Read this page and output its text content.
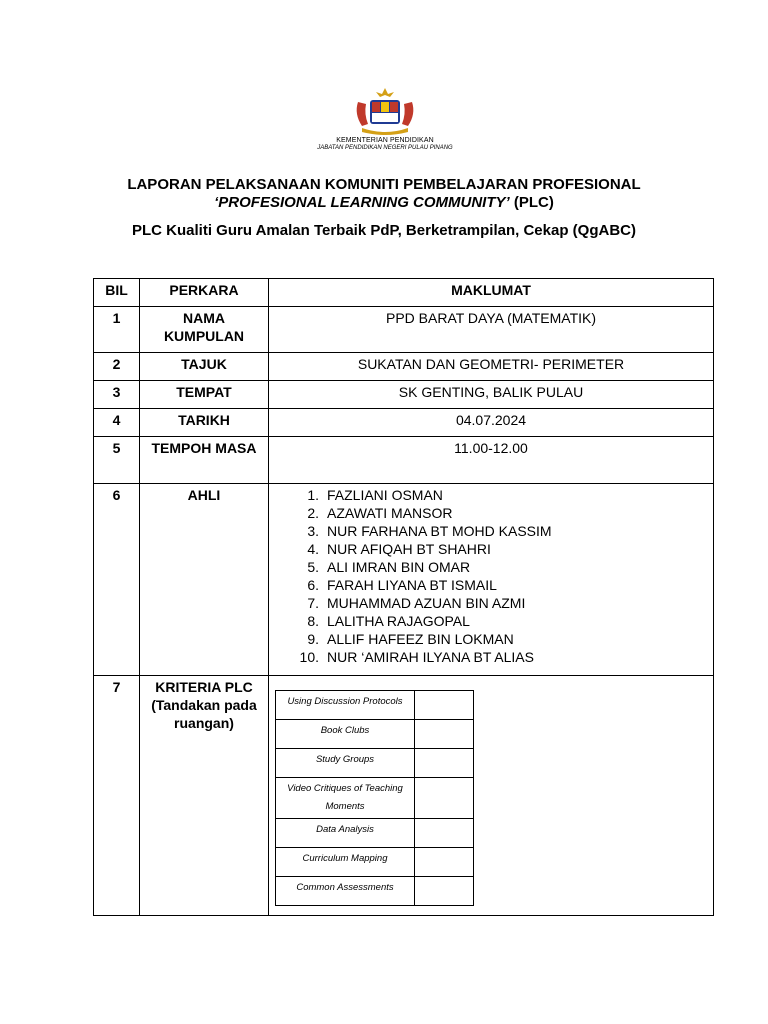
KEMENTERIAN PENDIDIKAN
JABATAN PENDIDIKAN NEGERI PULAU PINANG
LAPORAN PELAKSANAAN KOMUNITI PEMBELAJARAN PROFESIONAL
‘PROFESIONAL LEARNING COMMUNITY’ (PLC)
PLC Kualiti Guru Amalan Terbaik PdP, Berketrampilan, Cekap (QgABC)
BIL	PERKARA	MAKLUMAT
1	NAMA KUMPULAN	PPD BARAT DAYA (MATEMATIK)
2	TAJUK	SUKATAN DAN GEOMETRI- PERIMETER
3	TEMPAT	SK GENTING, BALIK PULAU
4	TARIKH	04.07.2024
5	TEMPOH MASA	11.00-12.00
6	AHLI	1. FAZLIANI OSMAN
2. AZAWATI MANSOR
3. NUR FARHANA BT MOHD KASSIM
4. NUR AFIQAH BT SHAHRI
5. ALI IMRAN BIN OMAR
6. FARAH LIYANA BT ISMAIL
7. MUHAMMAD AZUAN BIN AZMI
8. LALITHA RAJAGOPAL
9. ALLIF HAFEEZ BIN LOKMAN
10. NUR ‘AMIRAH ILYANA BT ALIAS

7	KRITERIA PLC (Tandakan pada ruangan)	
Using Discussion Protocols	
Book Clubs	
Study Groups	
Video Critiques of Teaching Moments	
Data Analysis	
Curriculum Mapping	
Common Assessments	
